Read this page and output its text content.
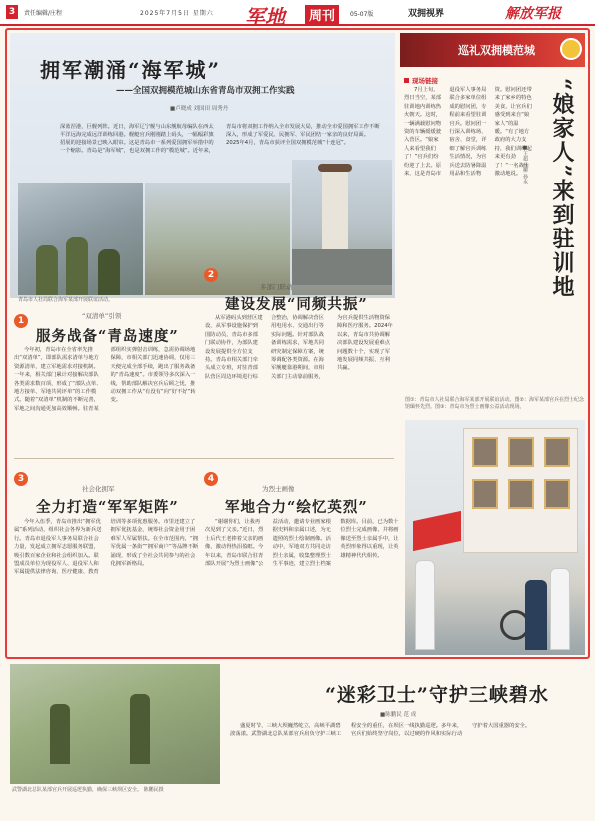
3	责任编辑/庄程	2025年7月5日 星期六 军地	周刊	05-07版	双拥视界	解放军报
拥军潮涌“海军城”
——全国双拥模范城山东省青岛市双拥工作实践
■卢晓成 刘国田 周秀丹
深蓝涅港，巨舰列阵。近日，海军辽宁舰与山东舰航母编队在西太平洋远海完成远洋训练回港。舰艇官兵刚刚踏上码头，一幅幅彩旗招展的迎接场景已映入眼帘。这是青岛市一系列爱国拥军举措中的一个缩影。青岛是“海军城”，也是双拥工作的“模范城”。近年来，青岛市将双拥工作纳入全市发展大局，推动全市爱国拥军工作不断深入，形成了军爱民、民拥军、军民团结一家亲的良好局面。2025年4月，青岛市获评全国双拥模范城“十连冠”。
青岛市人社局联合海军某部开展联谊活动。
1	“双清单”引领
服务战备“青岛速度”
今年初，青岛市在全省率先推出“双清单”，即部队需求清单与地方资源清单，建立军地需求对接机制。一年来，相关部门累计对接解决部队各类需求数百项，形成了“部队点单、地方接单、军地共同评单”的工作模式。随着“双清单”机制的不断完善，军地之间沟通更加高效顺畅。驻青某部组织实弹射击训练，急需协调场地保障，市相关部门迅速协调，仅用三天便完成全部手续，跑出了服务战备的“青岛速度”。市委领导多次深入一线，帮助部队解决官兵后顾之忧，推动双拥工作从“有没有”向“好不好”转变。
2
多部门联动
建设发展“同频共振”
从军港码头到营区建设，从军事设施保护到国防动员，青岛市多部门联动协作，为部队建设发展提供全方位支持。青岛市相关部门牵头成立专班，对驻青部队营区周边环境进行综合整治，协调解决营区用电用水、交通出行等实际问题。针对部队战备训练需求，军地共同研究制定保障方案，统筹调配各类资源。在海军舰艇靠港期间，市相关部门主动靠前服务，为官兵提供生活物资保障和医疗服务。2024年以来，青岛市共协调解决部队建设发展重难点问题数十个，实现了军地发展同频共振、互利共赢。
3
社会化拥军
全力打造“军军矩阵”
今年入伍季，青岛市推出“拥军优属”系列活动，组织社会各界为新兵送行。青岛市退役军人事务局联合社会力量，发起成立拥军志愿服务联盟，吸引数百家企业和社会组织加入。联盟成员单位为现役军人、退役军人和军属提供法律咨询、医疗健康、教育培训等多项优惠服务。市里还建立了拥军优抚基金，统筹社会资金用于困难军人军属帮扶。在全市范围内，“拥军优属一条街”“拥军商户”等品牌不断涌现，形成了全社会共同参与的社会化拥军新格局。
4
为烈士画像
军地合力“绘忆英烈”
“谢谢你们，让我再次见到了父亲。”近日，烈士后代王老捧着父亲的画像，激动得热泪盈眶。今年以来，青岛市联合驻青部队开展“为烈士画像”公益活动，邀请专业画家根据史料和亲属口述，为无遗照的烈士绘制画像。活动中，军地双方共同走访烈士亲属，收集整理烈士生平事迹，建立烈士档案数据库。目前，已为数十位烈士完成画像，并将画像送至烈士亲属手中，让英烈形象得以重现，让英雄精神代代相传。
巡礼双拥模范城
现场链接	“娘家人”来到驻训地
■王超 杨柳 孙永
7月上旬，烈日当空，某部驻训地内训练热火朝天。这时，一辆满载慰问物资的车辆缓缓驶入营区。“娘家人来看望我们了！”官兵们纷纷迎了上去。原来，这是青岛市退役军人事务局联合多家单位组成的慰问团，专程前来看望驻训官兵。慰问团一行深入训练场、宿舍、食堂，详细了解官兵训练生活情况，为官兵送去防暑降温用品和生活物资。慰问团还带来了家乡的特色美食，让官兵们感受到来自“娘家人”的温暖。“有了地方政府的大力支持，我们训练起来更有劲了！”一名战士激动地说。
图①：青岛市人社局联合海军某部开展联谊活动。图②：海军某部官兵在烈士纪念馆缅怀先烈。图③：青岛市为烈士画像公益活动现场。
武警湖北总队某部官兵开展巡逻执勤，确保三峡坝区安全。 陈鹏民摄
“迷彩卫士”守护三峡碧水
■陈鹏民 范 成
盛夏时节，三峡大坝巍然屹立，高峡平湖碧波荡漾。武警湖北总队某部官兵肩负守护三峡工程安全的重任，在坝区一线执勤巡逻。多年来，官兵们始终坚守岗位，以过硬的作风和实际行动守护着大国重器的安全。
